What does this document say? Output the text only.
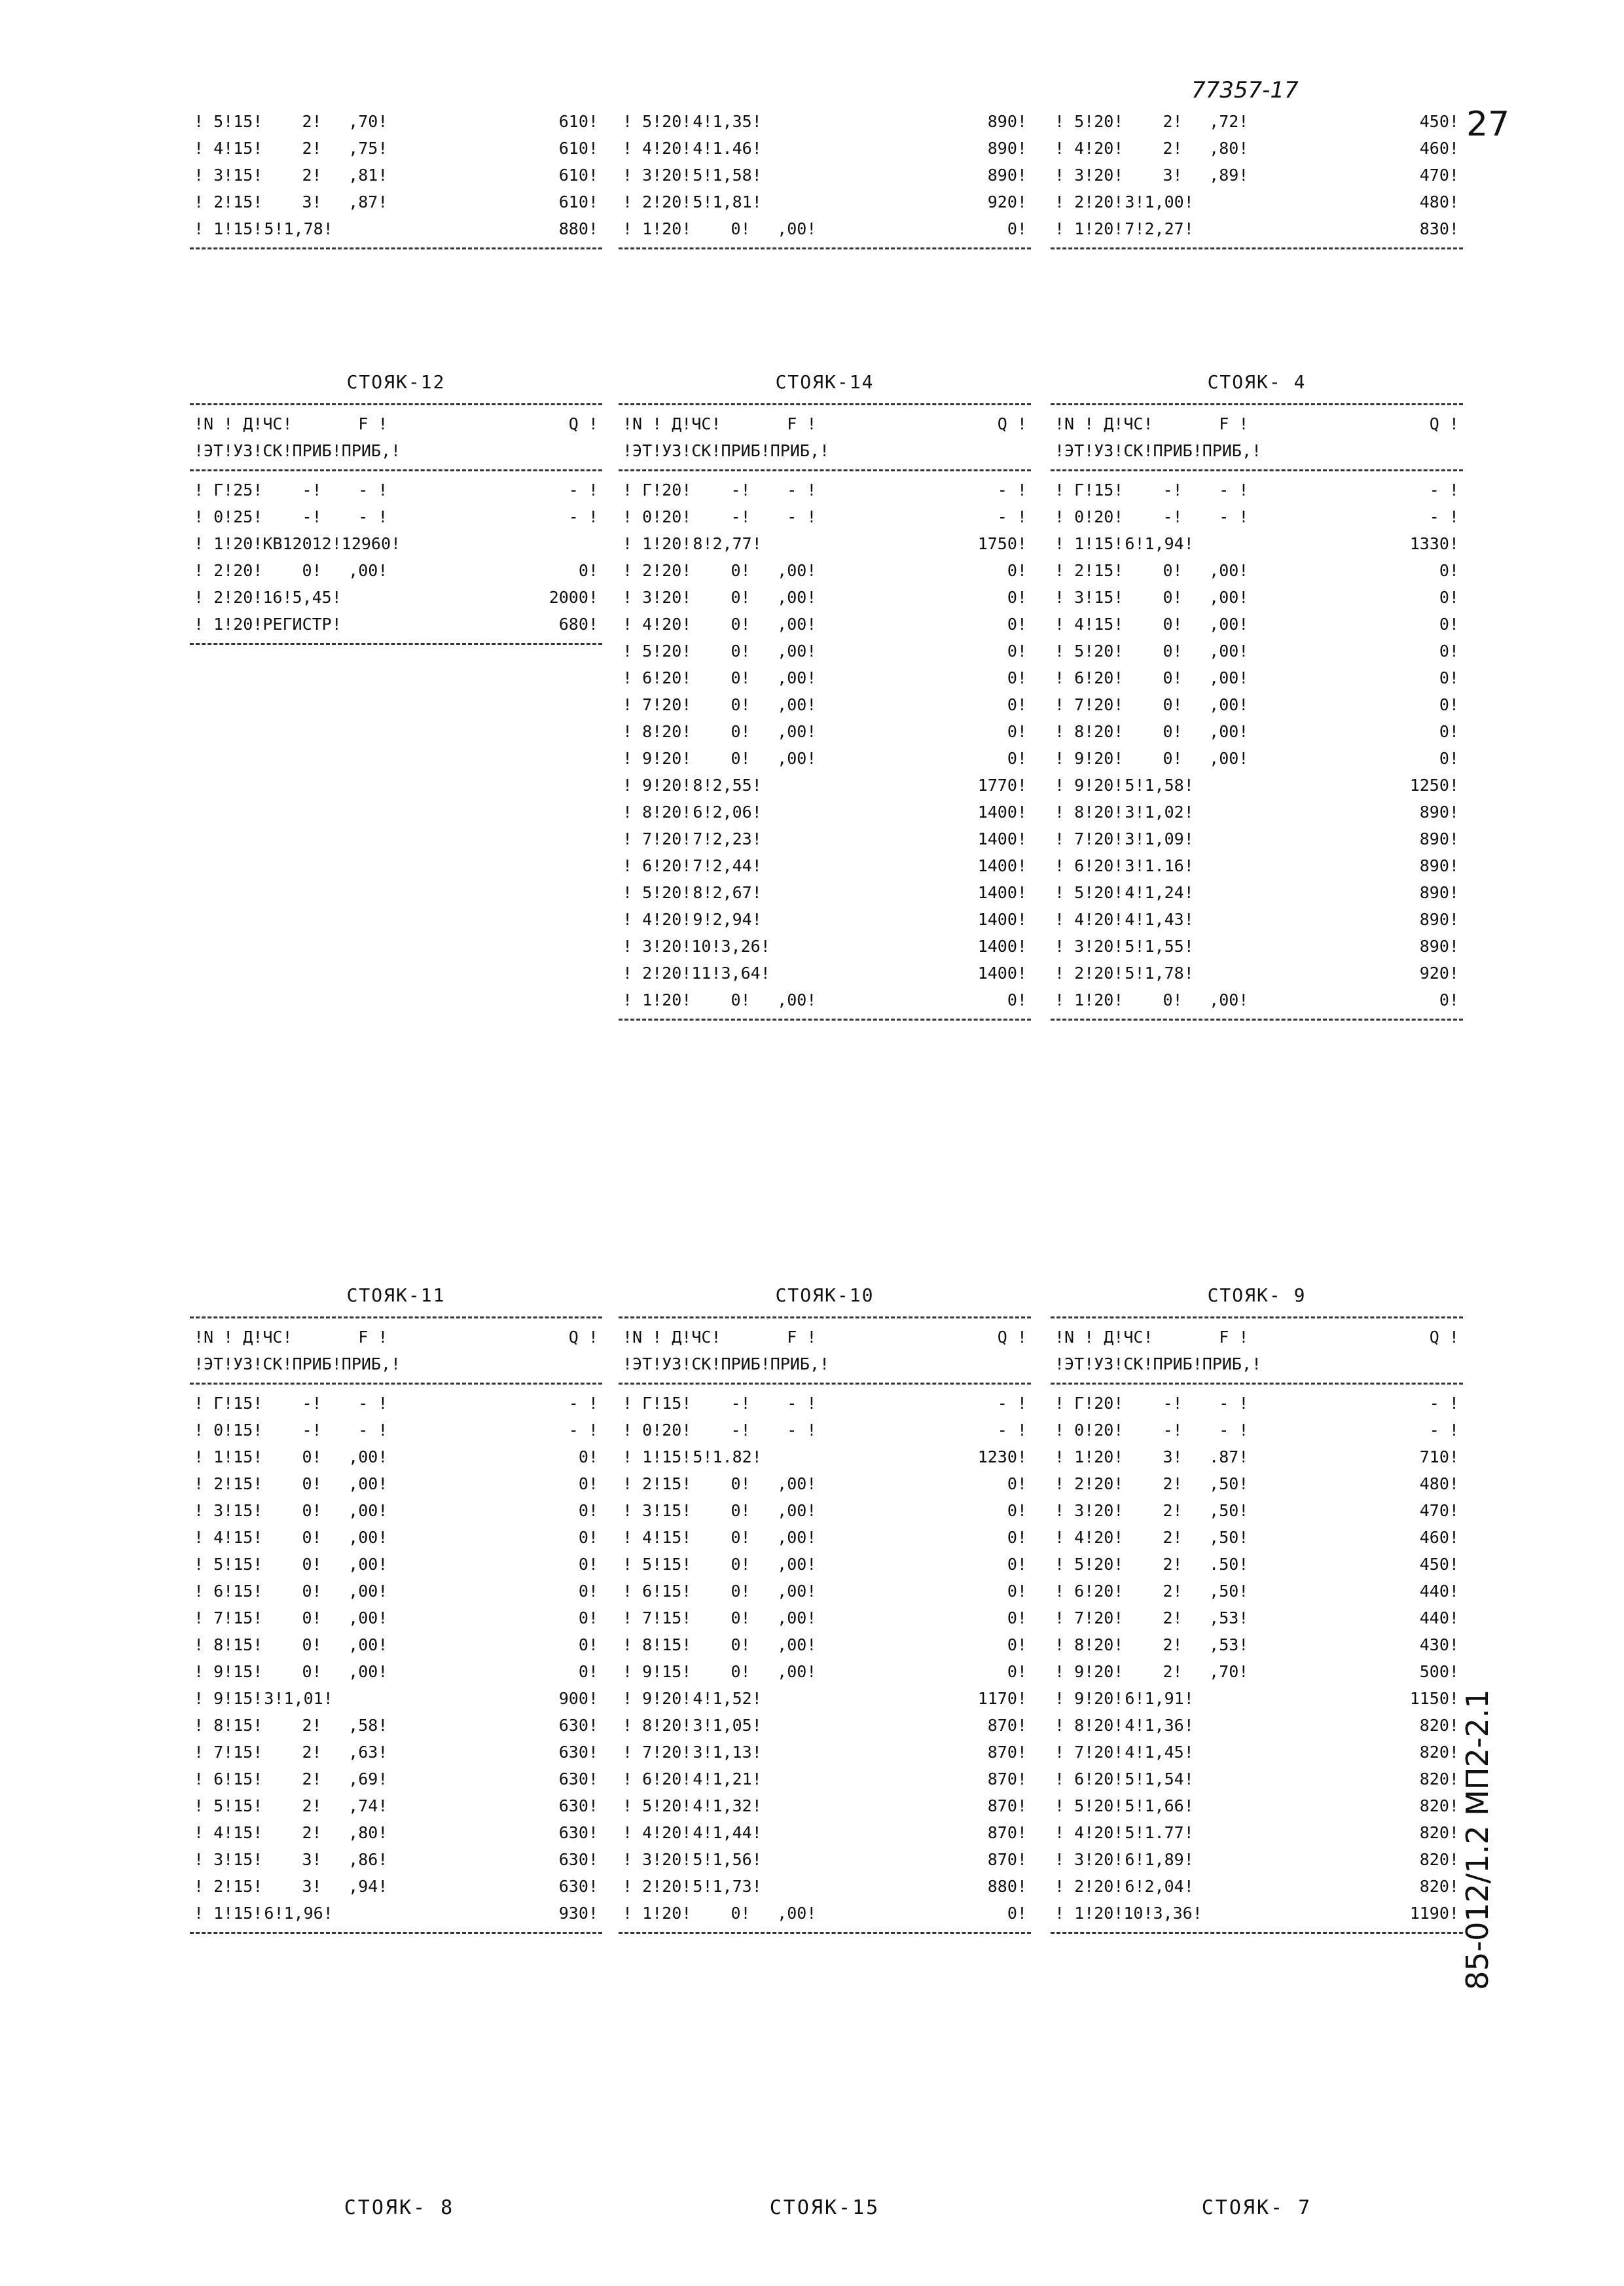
77357-17
27
! 5!15!	2!	,70!	610!
! 4!15!	2!	,75!	610!
! 3!15!	2!	,81!	610!
! 2!15!	3!	,87!	610!
! 1!15! 5!1,78!	880!
! 5!20! 4!1,35!	890!
! 4!20! 4!1.46!	890!
! 3!20! 5!1,58!	890!
! 2!20! 5!1,81!	920!
! 1!20!	0!	,00!	0!
! 5!20!	2!	,72!	450!
! 4!20!	2!	,80!	460!
! 3!20!	3!	,89!	470!
! 2!20! 3!1,00!	480!
! 1!20! 7!2,27!	830!
СТОЯК-12
!N ! Д!ЧС!	F !	Q !
!ЭТ!УЗ!СК!ПРИБ!ПРИБ,!
! Г!25!	-!	- !	- !
! 0!25!	-!	- !	- !
! 1!20!КВ12012!12960!
! 2!20!	0!	,00!	0!
! 2!20!16!5,45!	2000!
! 1!20!РЕГИСТР!	680!
СТОЯК-14
!N ! Д!ЧС!	F !	Q !
!ЭТ!УЗ!СК!ПРИБ!ПРИБ,!
! Г!20!	-!	- !	- !
! 0!20!	-!	- !	- !
! 1!20! 8!2,77!	1750!
! 2!20!	0!	,00!	0!
! 3!20!	0!	,00!	0!
! 4!20!	0!	,00!	0!
! 5!20!	0!	,00!	0!
! 6!20!	0!	,00!	0!
! 7!20!	0!	,00!	0!
! 8!20!	0!	,00!	0!
! 9!20!	0!	,00!	0!
! 9!20! 8!2,55!	1770!
! 8!20! 6!2,06!	1400!
! 7!20! 7!2,23!	1400!
! 6!20! 7!2,44!	1400!
! 5!20! 8!2,67!	1400!
! 4!20! 9!2,94!	1400!
! 3!20!10!3,26!	1400!
! 2!20!11!3,64!	1400!
! 1!20!	0!	,00!	0!
СТОЯК- 4
!N ! Д!ЧС!	F !	Q !
!ЭТ!УЗ!СК!ПРИБ!ПРИБ,!
! Г!15!	-!	- !	- !
! 0!20!	-!	- !	- !
! 1!15! 6!1,94!	1330!
! 2!15!	0!	,00!	0!
! 3!15!	0!	,00!	0!
! 4!15!	0!	,00!	0!
! 5!20!	0!	,00!	0!
! 6!20!	0!	,00!	0!
! 7!20!	0!	,00!	0!
! 8!20!	0!	,00!	0!
! 9!20!	0!	,00!	0!
! 9!20! 5!1,58!	1250!
! 8!20! 3!1,02!	890!
! 7!20! 3!1,09!	890!
! 6!20! 3!1.16!	890!
! 5!20! 4!1,24!	890!
! 4!20! 4!1,43!	890!
! 3!20! 5!1,55!	890!
! 2!20! 5!1,78!	920!
! 1!20!	0!	,00!	0!
СТОЯК-11
!N ! Д!ЧС!	F !	Q !
!ЭТ!УЗ!СК!ПРИБ!ПРИБ,!
! Г!15!	-!	- !	- !
! 0!15!	-!	- !	- !
! 1!15!	0!	,00!	0!
! 2!15!	0!	,00!	0!
! 3!15!	0!	,00!	0!
! 4!15!	0!	,00!	0!
! 5!15!	0!	,00!	0!
! 6!15!	0!	,00!	0!
! 7!15!	0!	,00!	0!
! 8!15!	0!	,00!	0!
! 9!15!	0!	,00!	0!
! 9!15! 3!1,01!	900!
! 8!15!	2!	,58!	630!
! 7!15!	2!	,63!	630!
! 6!15!	2!	,69!	630!
! 5!15!	2!	,74!	630!
! 4!15!	2!	,80!	630!
! 3!15!	3!	,86!	630!
! 2!15!	3!	,94!	630!
! 1!15! 6!1,96!	930!
СТОЯК-10
!N ! Д!ЧС!	F !	Q !
!ЭТ!УЗ!СК!ПРИБ!ПРИБ,!
! Г!15!	-!	- !	- !
! 0!20!	-!	- !	- !
! 1!15! 5!1.82!	1230!
! 2!15!	0!	,00!	0!
! 3!15!	0!	,00!	0!
! 4!15!	0!	,00!	0!
! 5!15!	0!	,00!	0!
! 6!15!	0!	,00!	0!
! 7!15!	0!	,00!	0!
! 8!15!	0!	,00!	0!
! 9!15!	0!	,00!	0!
! 9!20! 4!1,52!	1170!
! 8!20! 3!1,05!	870!
! 7!20! 3!1,13!	870!
! 6!20! 4!1,21!	870!
! 5!20! 4!1,32!	870!
! 4!20! 4!1,44!	870!
! 3!20! 5!1,56!	870!
! 2!20! 5!1,73!	880!
! 1!20!	0!	,00!	0!
СТОЯК- 9
!N ! Д!ЧС!	F !	Q !
!ЭТ!УЗ!СК!ПРИБ!ПРИБ,!
! Г!20!	-!	- !	- !
! 0!20!	-!	- !	- !
! 1!20!	3!	.87!	710!
! 2!20!	2!	,50!	480!
! 3!20!	2!	,50!	470!
! 4!20!	2!	,50!	460!
! 5!20!	2!	.50!	450!
! 6!20!	2!	,50!	440!
! 7!20!	2!	,53!	440!
! 8!20!	2!	,53!	430!
! 9!20!	2!	,70!	500!
! 9!20! 6!1,91!	1150!
! 8!20! 4!1,36!	820!
! 7!20! 4!1,45!	820!
! 6!20! 5!1,54!	820!
! 5!20! 5!1,66!	820!
! 4!20! 5!1.77!	820!
! 3!20! 6!1,89!	820!
! 2!20! 6!2,04!	820!
! 1!20!10!3,36!	1190!
СТОЯК- 8	СТОЯК-15	СТОЯК- 7
85-012/1.2 МП2-2.1
